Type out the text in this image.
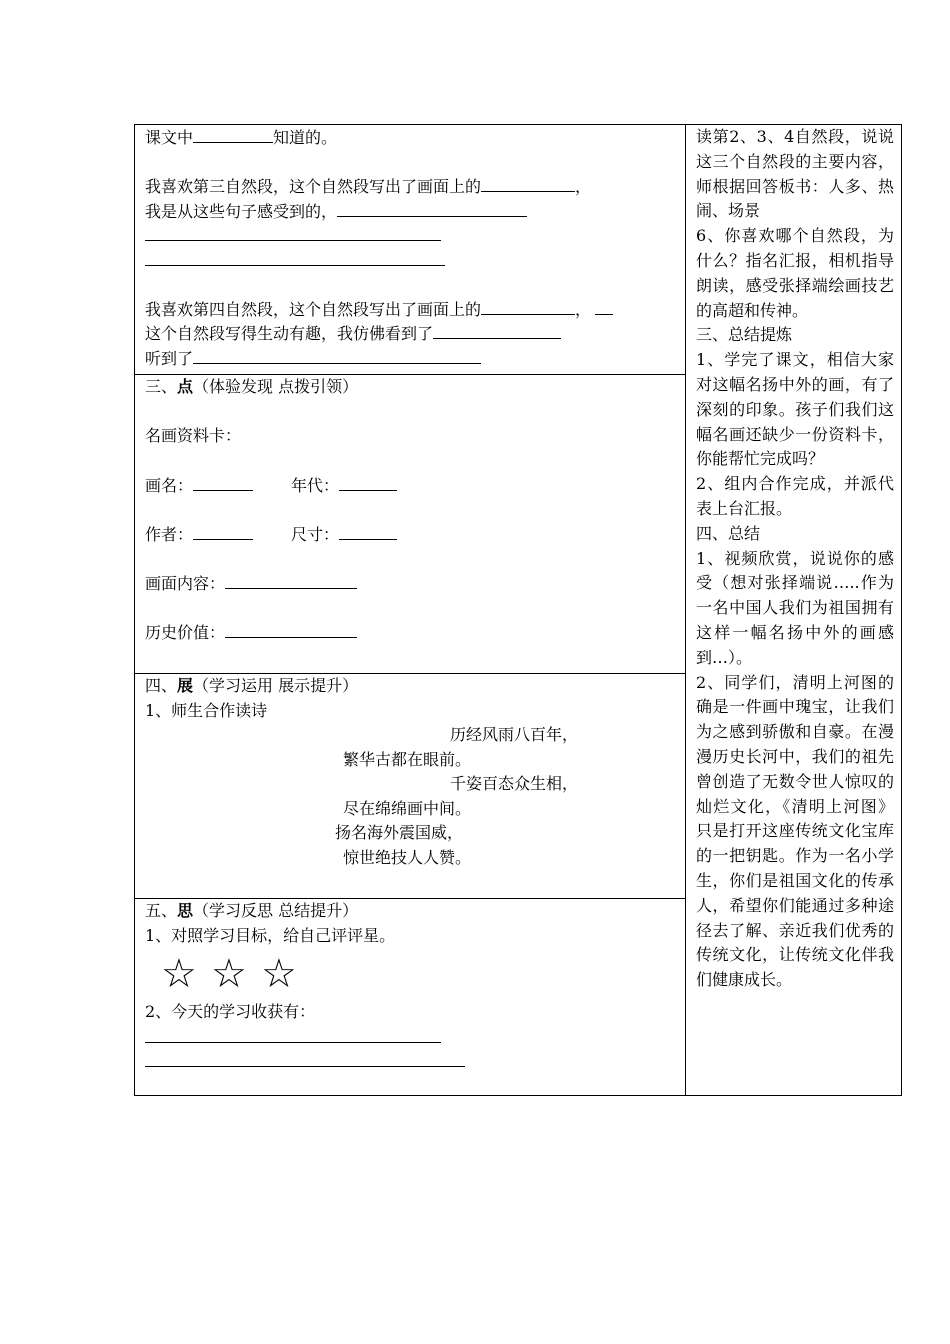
课文中	知道的。
我喜欢第三自然段，这个自然段写出了画面上的	，
我是从这些句子感受到的，
我喜欢第四自然段，这个自然段写出了画面上的	，
这个自然段写得生动有趣，我仿佛看到了
听到了

读第2、3、4自然段，说说这三个自然段的主要内容，师根据回答板书：人多、热闹、场景

6、你喜欢哪个自然段，为什么？指名汇报，相机指导朗读，感受张择端绘画技艺的高超和传神。

三、总结提炼

1、学完了课文，相信大家对这幅名扬中外的画，有了深刻的印象。孩子们我们这幅名画还缺少一份资料卡，你能帮忙完成吗？

2、组内合作完成，并派代表上台汇报。

四、总结

1、视频欣赏，说说你的感受（想对张择端说…..作为一名中国人我们为祖国拥有这样一幅名扬中外的画感到…）。

2、同学们，清明上河图的确是一件画中瑰宝，让我们为之感到骄傲和自豪。在漫漫历史长河中，我们的祖先曾创造了无数令世人惊叹的灿烂文化，《清明上河图》只是打开这座传统文化宝库的一把钥匙。作为一名小学生，你们是祖国文化的传承人，希望你们能通过多种途径去了解、亲近我们优秀的传统文化，让传统文化伴我们健康成长。

三、点（体验发现 点拨引领）
名画资料卡：
画名：	年代：
作者：	尺寸：
画面内容：
历史价值：

四、展（学习运用 展示提升）
1、师生合作读诗
历经风雨八百年，
繁华古都在眼前。
千姿百态众生相，
尽在绵绵画中间。
扬名海外震国威，
惊世绝技人人赞。

五、思（学习反思 总结提升）
1、对照学习目标，给自己评评星。
☆ ☆ ☆
2、今天的学习收获有：
